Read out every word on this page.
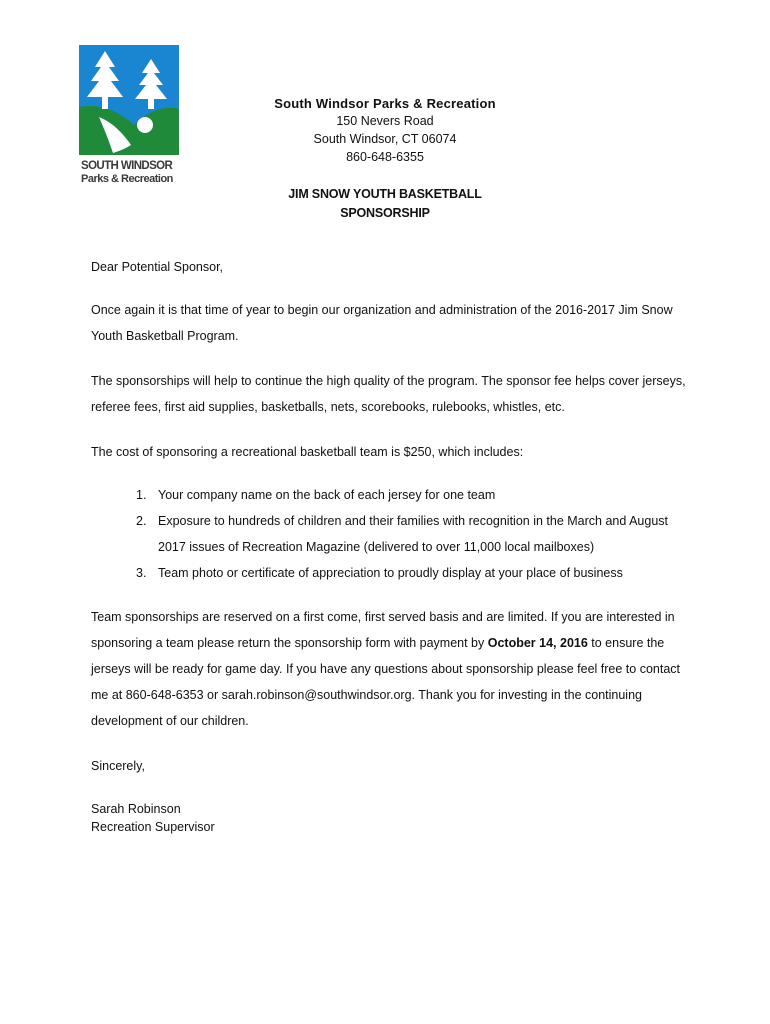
SOUTH WINDSOR
Parks & Recreation
South Windsor Parks & Recreation
150 Nevers Road
South Windsor, CT 06074
860-648-6355
JIM SNOW YOUTH BASKETBALL
SPONSORSHIP
Dear Potential Sponsor,
Once again it is that time of year to begin our organization and administration of the 2016-2017 Jim Snow Youth Basketball Program.
The sponsorships will help to continue the high quality of the program. The sponsor fee helps cover jerseys, referee fees, first aid supplies, basketballs, nets, scorebooks, rulebooks, whistles, etc.
The cost of sponsoring a recreational basketball team is $250, which includes:
1. Your company name on the back of each jersey for one team
2. Exposure to hundreds of children and their families with recognition in the March and August 2017 issues of Recreation Magazine (delivered to over 11,000 local mailboxes)
3. Team photo or certificate of appreciation to proudly display at your place of business
Team sponsorships are reserved on a first come, first served basis and are limited. If you are interested in sponsoring a team please return the sponsorship form with payment by October 14, 2016 to ensure the jerseys will be ready for game day. If you have any questions about sponsorship please feel free to contact me at 860-648-6353 or sarah.robinson@southwindsor.org. Thank you for investing in the continuing development of our children.
Sincerely,
Sarah Robinson
Recreation Supervisor
